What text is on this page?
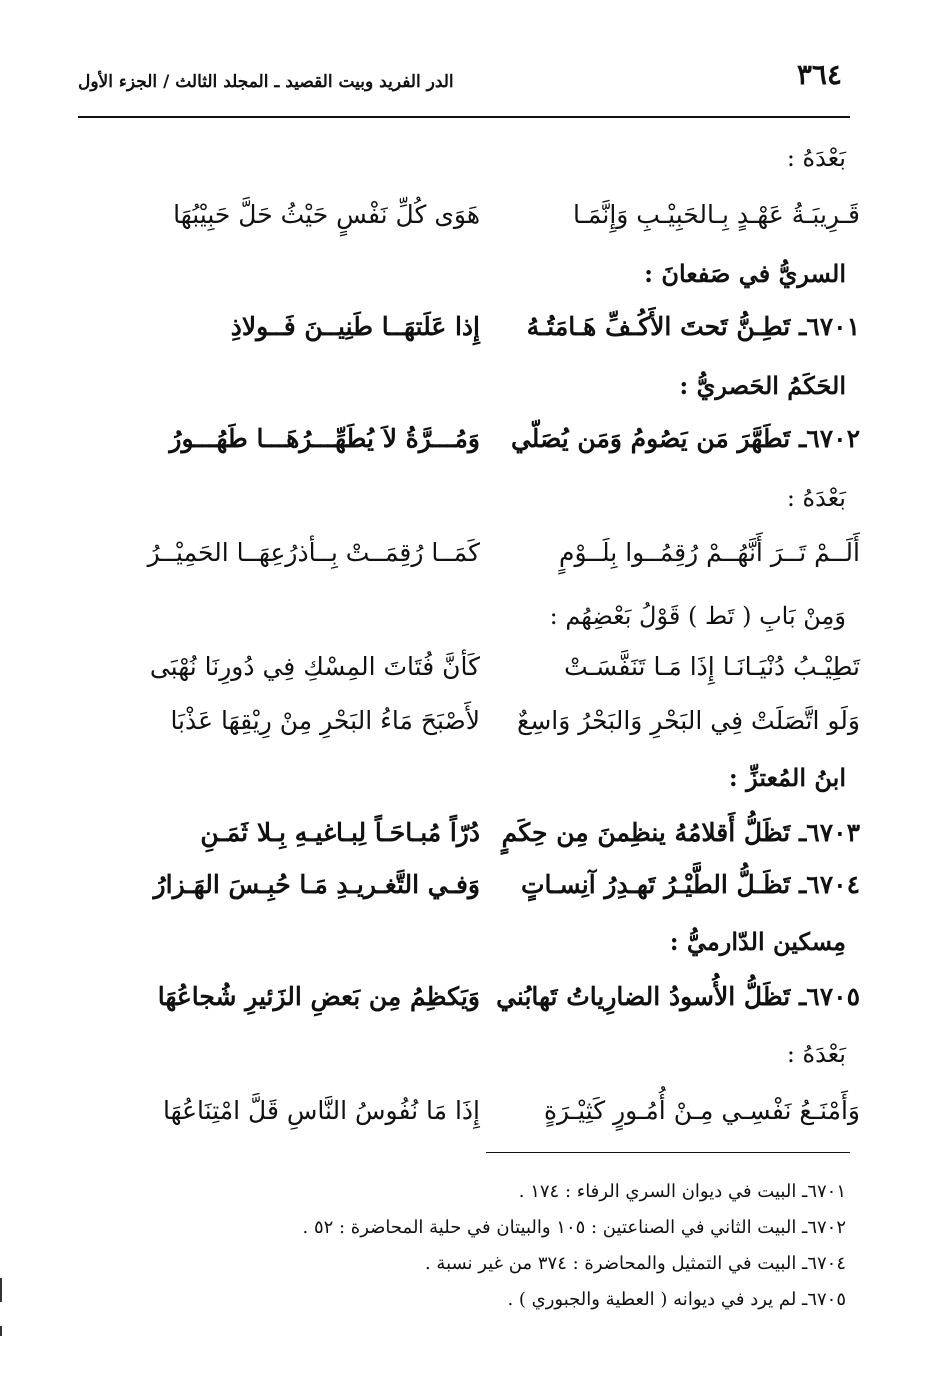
٣٦٤
الدر الفريد وبيت القصيد ـ المجلد الثالث / الجزء الأول
بَعْدَهُ :
قَـرِيبَـةُ عَهْـدٍ بِـالحَبِيْـبِ وَإِنَّمَـا
هَوَى كُلِّ نَفْسٍ حَيْثُ حَلَّ حَبِيْبُهَا
السريُّ في صَفعانَ :
٦٧٠١ـ تَطِـنُّ تَحتَ الأَكُـفِّ هَـامَتُـهُ
إِذا عَلَتهَــا طَنِيــنَ فَــولاذِ
الحَكَمُ الحَصريُّ :
٦٧٠٢ـ تَطَهَّرَ مَن يَصُومُ وَمَن يُصَلّي
وَمُـــرَّةُ لاَ يُطَهِّـــرُهَـــا طَهُـــورُ
بَعْدَهُ :
أَلَــمْ تَــرَ أَنَّهُــمْ رُقِمُــوا بِلَــوْمٍ
كَمَــا رُقِمَــتْ بِــأذرُعِهَــا الحَمِيْــرُ
وَمِنْ بَابِ ( تَط ) قَوْلُ بَعْضِهُم :
تَطِيْـبُ دُنْيَـانَـا إِذَا مَـا تَنَفَّسَـتْ
كَأنَّ فُتَاتَ المِسْكِ فِي دُورِنَا نُهْبَى
وَلَو اتَّصَلَتْ فِي البَحْرِ وَالبَحْرُ وَاسِعٌ
لأَصْبَحَ مَاءُ البَحْرِ مِنْ رِيْقِهَا عَذْبَا
ابنُ المُعتزِّ :
٦٧٠٣ـ تَظَلُّ أَقلامُهُ ينظِمنَ مِن حِكَمٍ
دُرّاً مُبـاحَـاً لِبـاغيـهِ بِـلا ثَمَـنِ
٦٧٠٤ـ تَظَـلُّ الطَّيْـرُ تَهـدِرُ آنِسـاتٍ
وَفـي التَّغـريـدِ مَـا حُبِـسَ الهَـزارُ
مِسكين الدّارميُّ :
٦٧٠٥ـ تَظَلُّ الأُسودُ الضارِياتُ تَهابُني
وَيَكظِمُ مِن بَعضِ الزَئيرِ شُجاعُهَا
بَعْدَهُ :
وَأَمْنَـعُ نَفْسِـي مِـنْ أُمُـورٍ كَثِيْـرَةٍ
إِذَا مَا نُفُوسُ النَّاسِ قَلَّ امْتِنَاعُهَا
٦٧٠١ـ البيت في ديوان السري الرفاء : ١٧٤ .
٦٧٠٢ـ البيت الثاني في الصناعتين : ١٠٥ والبيتان في حلية المحاضرة : ٥٢ .
٦٧٠٤ـ البيت في التمثيل والمحاضرة : ٣٧٤ من غير نسبة .
٦٧٠٥ـ لم يرد في ديوانه ( العطية والجبوري ) .
